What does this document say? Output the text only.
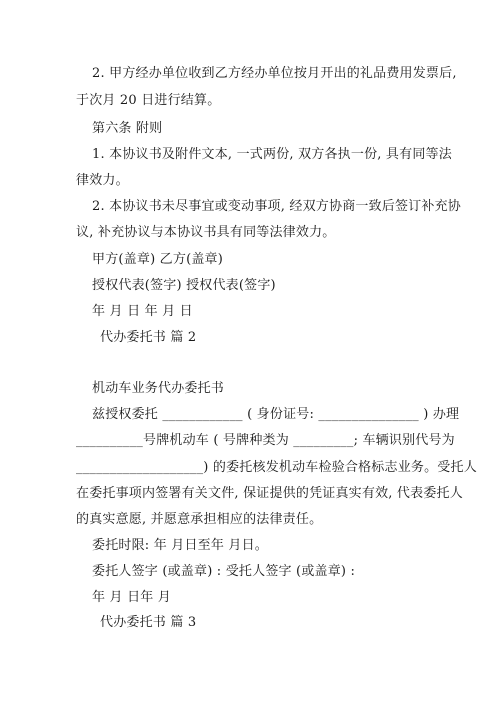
2. 甲方经办单位收到乙方经办单位按月开出的礼品费用发票后,
于次月 20 日进行结算。
第六条 附则
1. 本协议书及附件文本, 一式两份, 双方各执一份, 具有同等法
律效力。
2. 本协议书未尽事宜或变动事项, 经双方协商一致后签订补充协
议, 补充协议与本协议书具有同等法律效力。
甲方(盖章) 乙方(盖章)
授权代表(签字) 授权代表(签字)
年 月 日 年 月 日
代办委托书 篇 2
机动车业务代办委托书
兹授权委托 ____________ ( 身份证号: _______________ ) 办理
__________号牌机动车 ( 号牌种类为 _________; 车辆识别代号为
___________________) 的委托核发机动车检验合格标志业务。受托人
在委托事项内签署有关文件, 保证提供的凭证真实有效, 代表委托人
的真实意愿, 并愿意承担相应的法律责任。
委托时限: 年 月日至年 月日。
委托人签字 (或盖章) : 受托人签字 (或盖章) :
年 月 日年 月
代办委托书 篇 3
